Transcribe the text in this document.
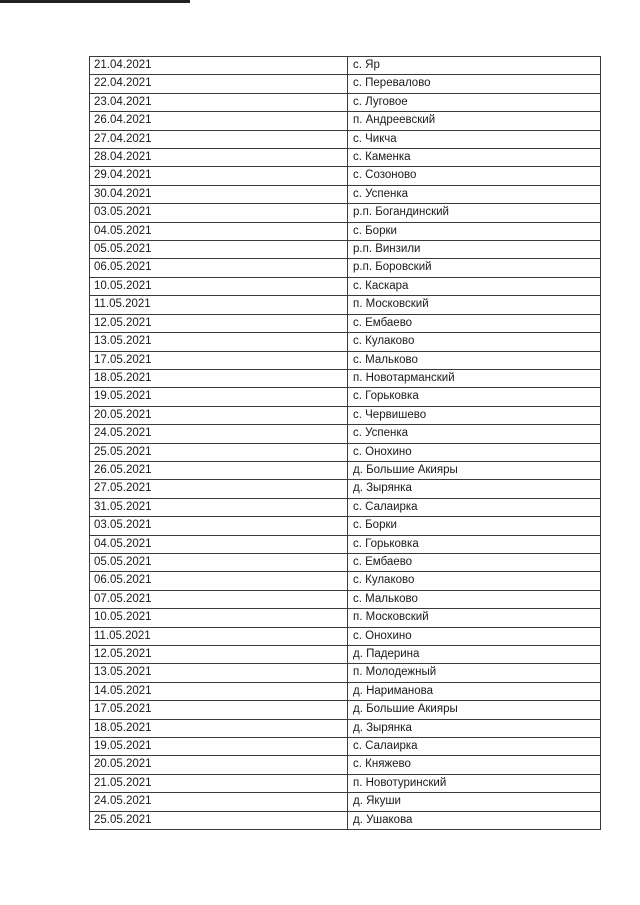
21.04.2021	с. Яр
22.04.2021	с. Перевалово
23.04.2021	с. Луговое
26.04.2021	п. Андреевский
27.04.2021	с. Чикча
28.04.2021	с. Каменка
29.04.2021	с. Созоново
30.04.2021	с. Успенка
03.05.2021	р.п. Богандинский
04.05.2021	с. Борки
05.05.2021	р.п. Винзили
06.05.2021	р.п. Боровский
10.05.2021	с. Каскара
11.05.2021	п. Московский
12.05.2021	с. Ембаево
13.05.2021	с. Кулаково
17.05.2021	с. Мальково
18.05.2021	п. Новотарманский
19.05.2021	с. Горьковка
20.05.2021	с. Червишево
24.05.2021	с. Успенка
25.05.2021	с. Онохино
26.05.2021	д. Большие Акияры
27.05.2021	д. Зырянка
31.05.2021	с. Салаирка
03.05.2021	с. Борки
04.05.2021	с. Горьковка
05.05.2021	с. Ембаево
06.05.2021	с. Кулаково
07.05.2021	с. Мальково
10.05.2021	п. Московский
11.05.2021	с. Онохино
12.05.2021	д. Падерина
13.05.2021	п. Молодежный
14.05.2021	д. Нариманова
17.05.2021	д. Большие Акияры
18.05.2021	д. Зырянка
19.05.2021	с. Салаирка
20.05.2021	с. Княжево
21.05.2021	п. Новотуринский
24.05.2021	д. Якуши
25.05.2021	д. Ушакова
